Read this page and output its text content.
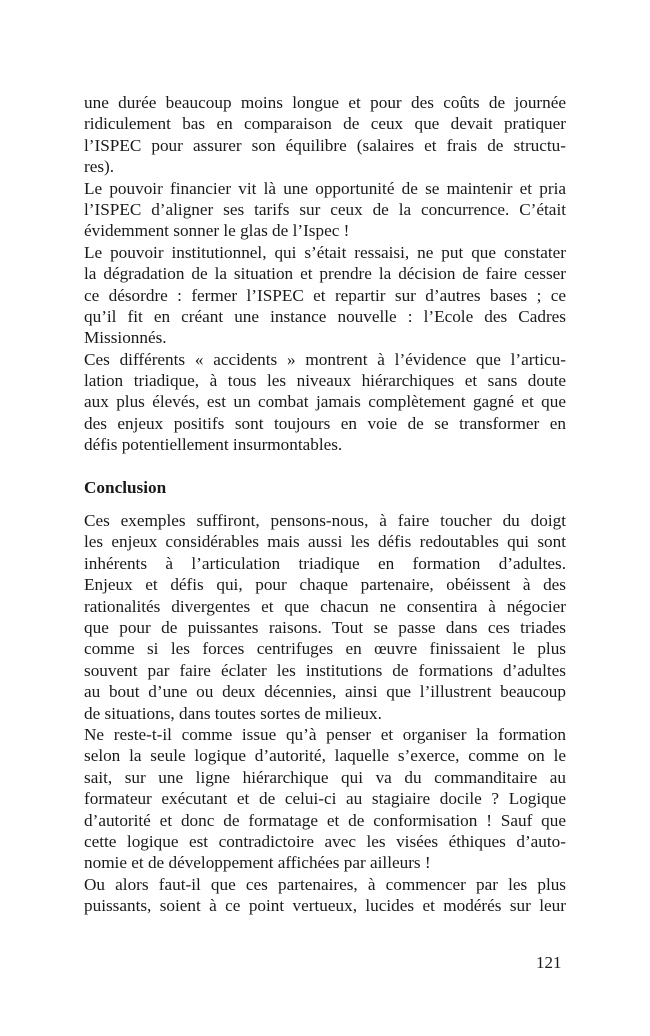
une durée beaucoup moins longue et pour des coûts de journée
ridiculement bas en comparaison de ceux que devait pratiquer
l’ISPEC pour assurer son équilibre (salaires et frais de structu-
res).
Le pouvoir financier vit là une opportunité de se maintenir et pria
l’ISPEC d’aligner ses tarifs sur ceux de la concurrence. C’était
évidemment sonner le glas de l’Ispec !
Le pouvoir institutionnel, qui s’était ressaisi, ne put que constater
la dégradation de la situation et prendre la décision de faire cesser
ce désordre : fermer l’ISPEC et repartir sur d’autres bases ; ce
qu’il fit en créant une instance nouvelle : l’Ecole des Cadres
Missionnés.
Ces différents « accidents » montrent à l’évidence que l’articu-
lation triadique, à tous les niveaux hiérarchiques et sans doute
aux plus élevés, est un combat jamais complètement gagné et que
des enjeux positifs sont toujours en voie de se transformer en
défis potentiellement insurmontables.
Conclusion
Ces exemples suffiront, pensons-nous, à faire toucher du doigt
les enjeux considérables mais aussi les défis redoutables qui sont
inhérents à l’articulation triadique en formation d’adultes.
Enjeux et défis qui, pour chaque partenaire, obéissent à des
rationalités divergentes et que chacun ne consentira à négocier
que pour de puissantes raisons. Tout se passe dans ces triades
comme si les forces centrifuges en œuvre finissaient le plus
souvent par faire éclater les institutions de formations d’adultes
au bout d’une ou deux décennies, ainsi que l’illustrent beaucoup
de situations, dans toutes sortes de milieux.
Ne reste-t-il comme issue qu’à penser et organiser la formation
selon la seule logique d’autorité, laquelle s’exerce, comme on le
sait, sur une ligne hiérarchique qui va du commanditaire au
formateur exécutant et de celui-ci au stagiaire docile ? Logique
d’autorité et donc de formatage et de conformisation ! Sauf que
cette logique est contradictoire avec les visées éthiques d’auto-
nomie et de développement affichées par ailleurs !
Ou alors faut-il que ces partenaires, à commencer par les plus
puissants, soient à ce point vertueux, lucides et modérés sur leur
121
